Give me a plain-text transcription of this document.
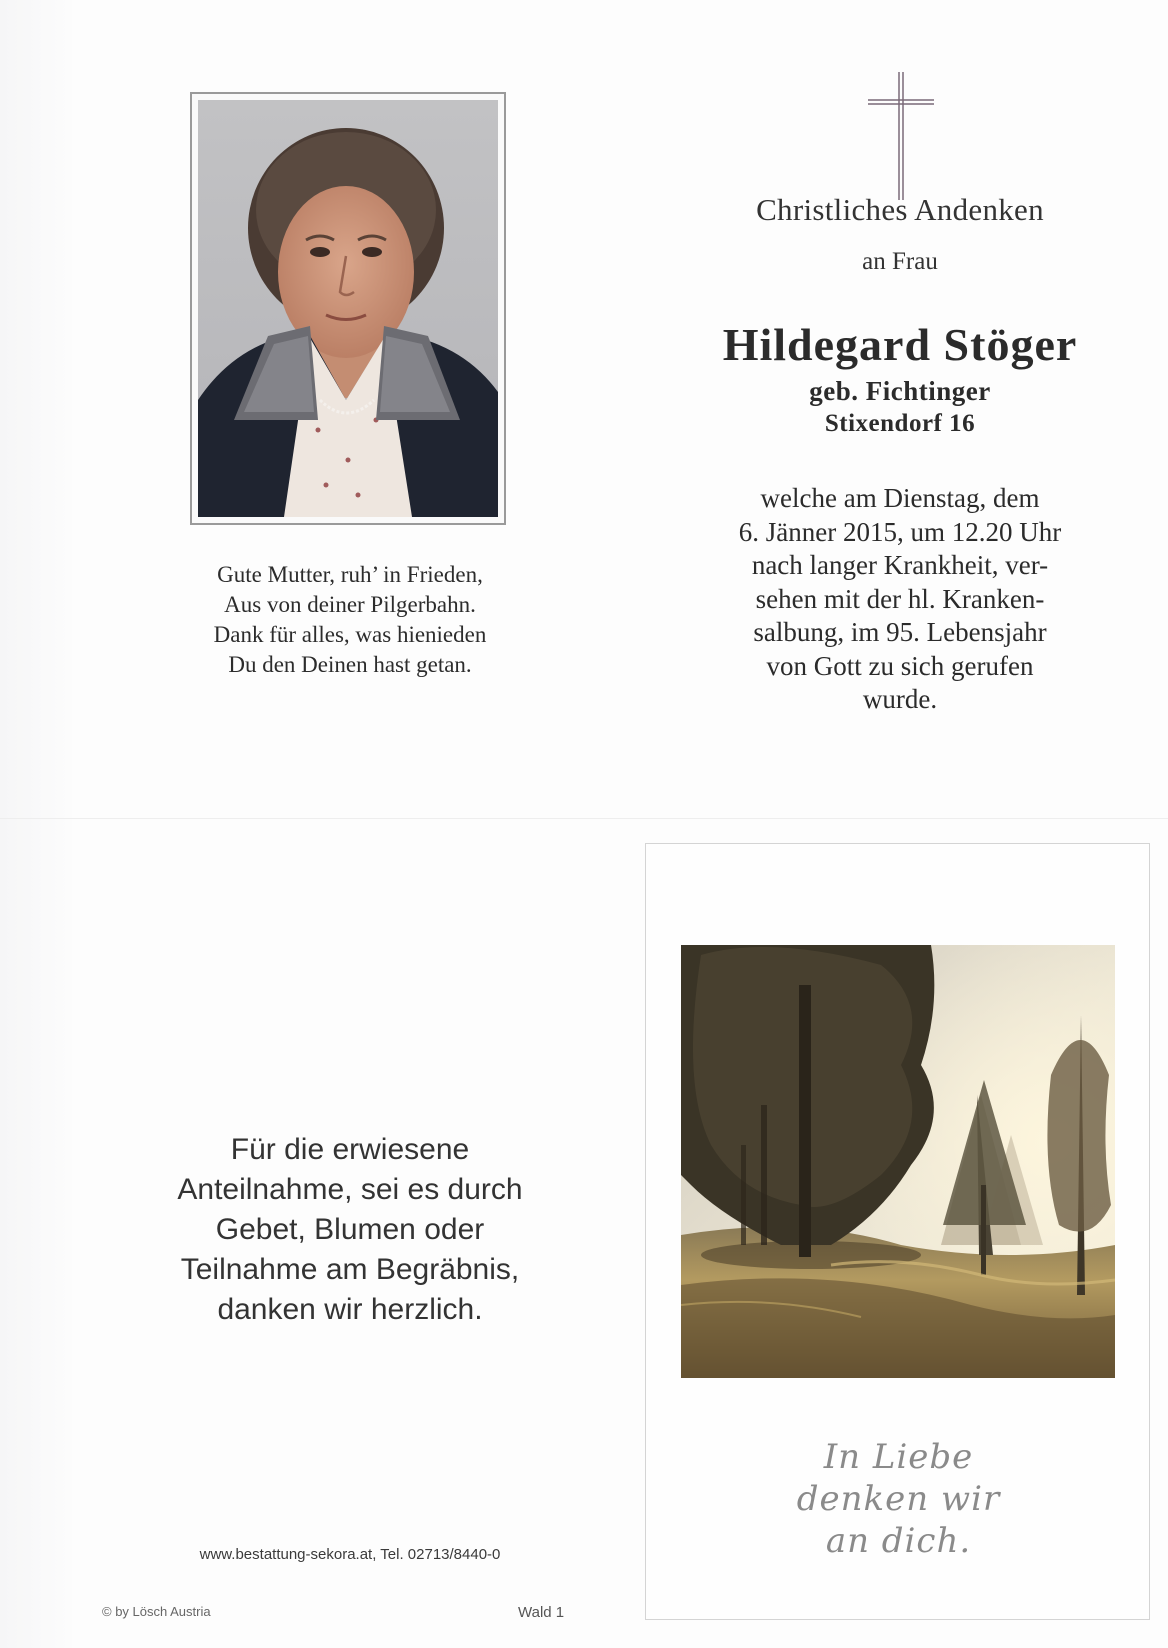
Gute Mutter, ruh’ in Frieden,
Aus von deiner Pilgerbahn.
Dank für alles, was hienieden
Du den Deinen hast getan.
Christliches Andenken
an Frau
Hildegard Stöger
geb. Fichtinger
Stixendorf 16
welche am Dienstag, dem
6. Jänner 2015, um 12.20 Uhr
nach langer Krankheit, ver-
sehen mit der hl. Kranken-
salbung, im 95. Lebensjahr
von Gott zu sich gerufen
wurde.
Für die erwiesene
Anteilnahme, sei es durch
Gebet, Blumen oder
Teilnahme am Begräbnis,
danken wir herzlich.
www.bestattung-sekora.at, Tel. 02713/8440-0
© by Lösch Austria	Wald 1
In Liebe
denken wir
an dich.
